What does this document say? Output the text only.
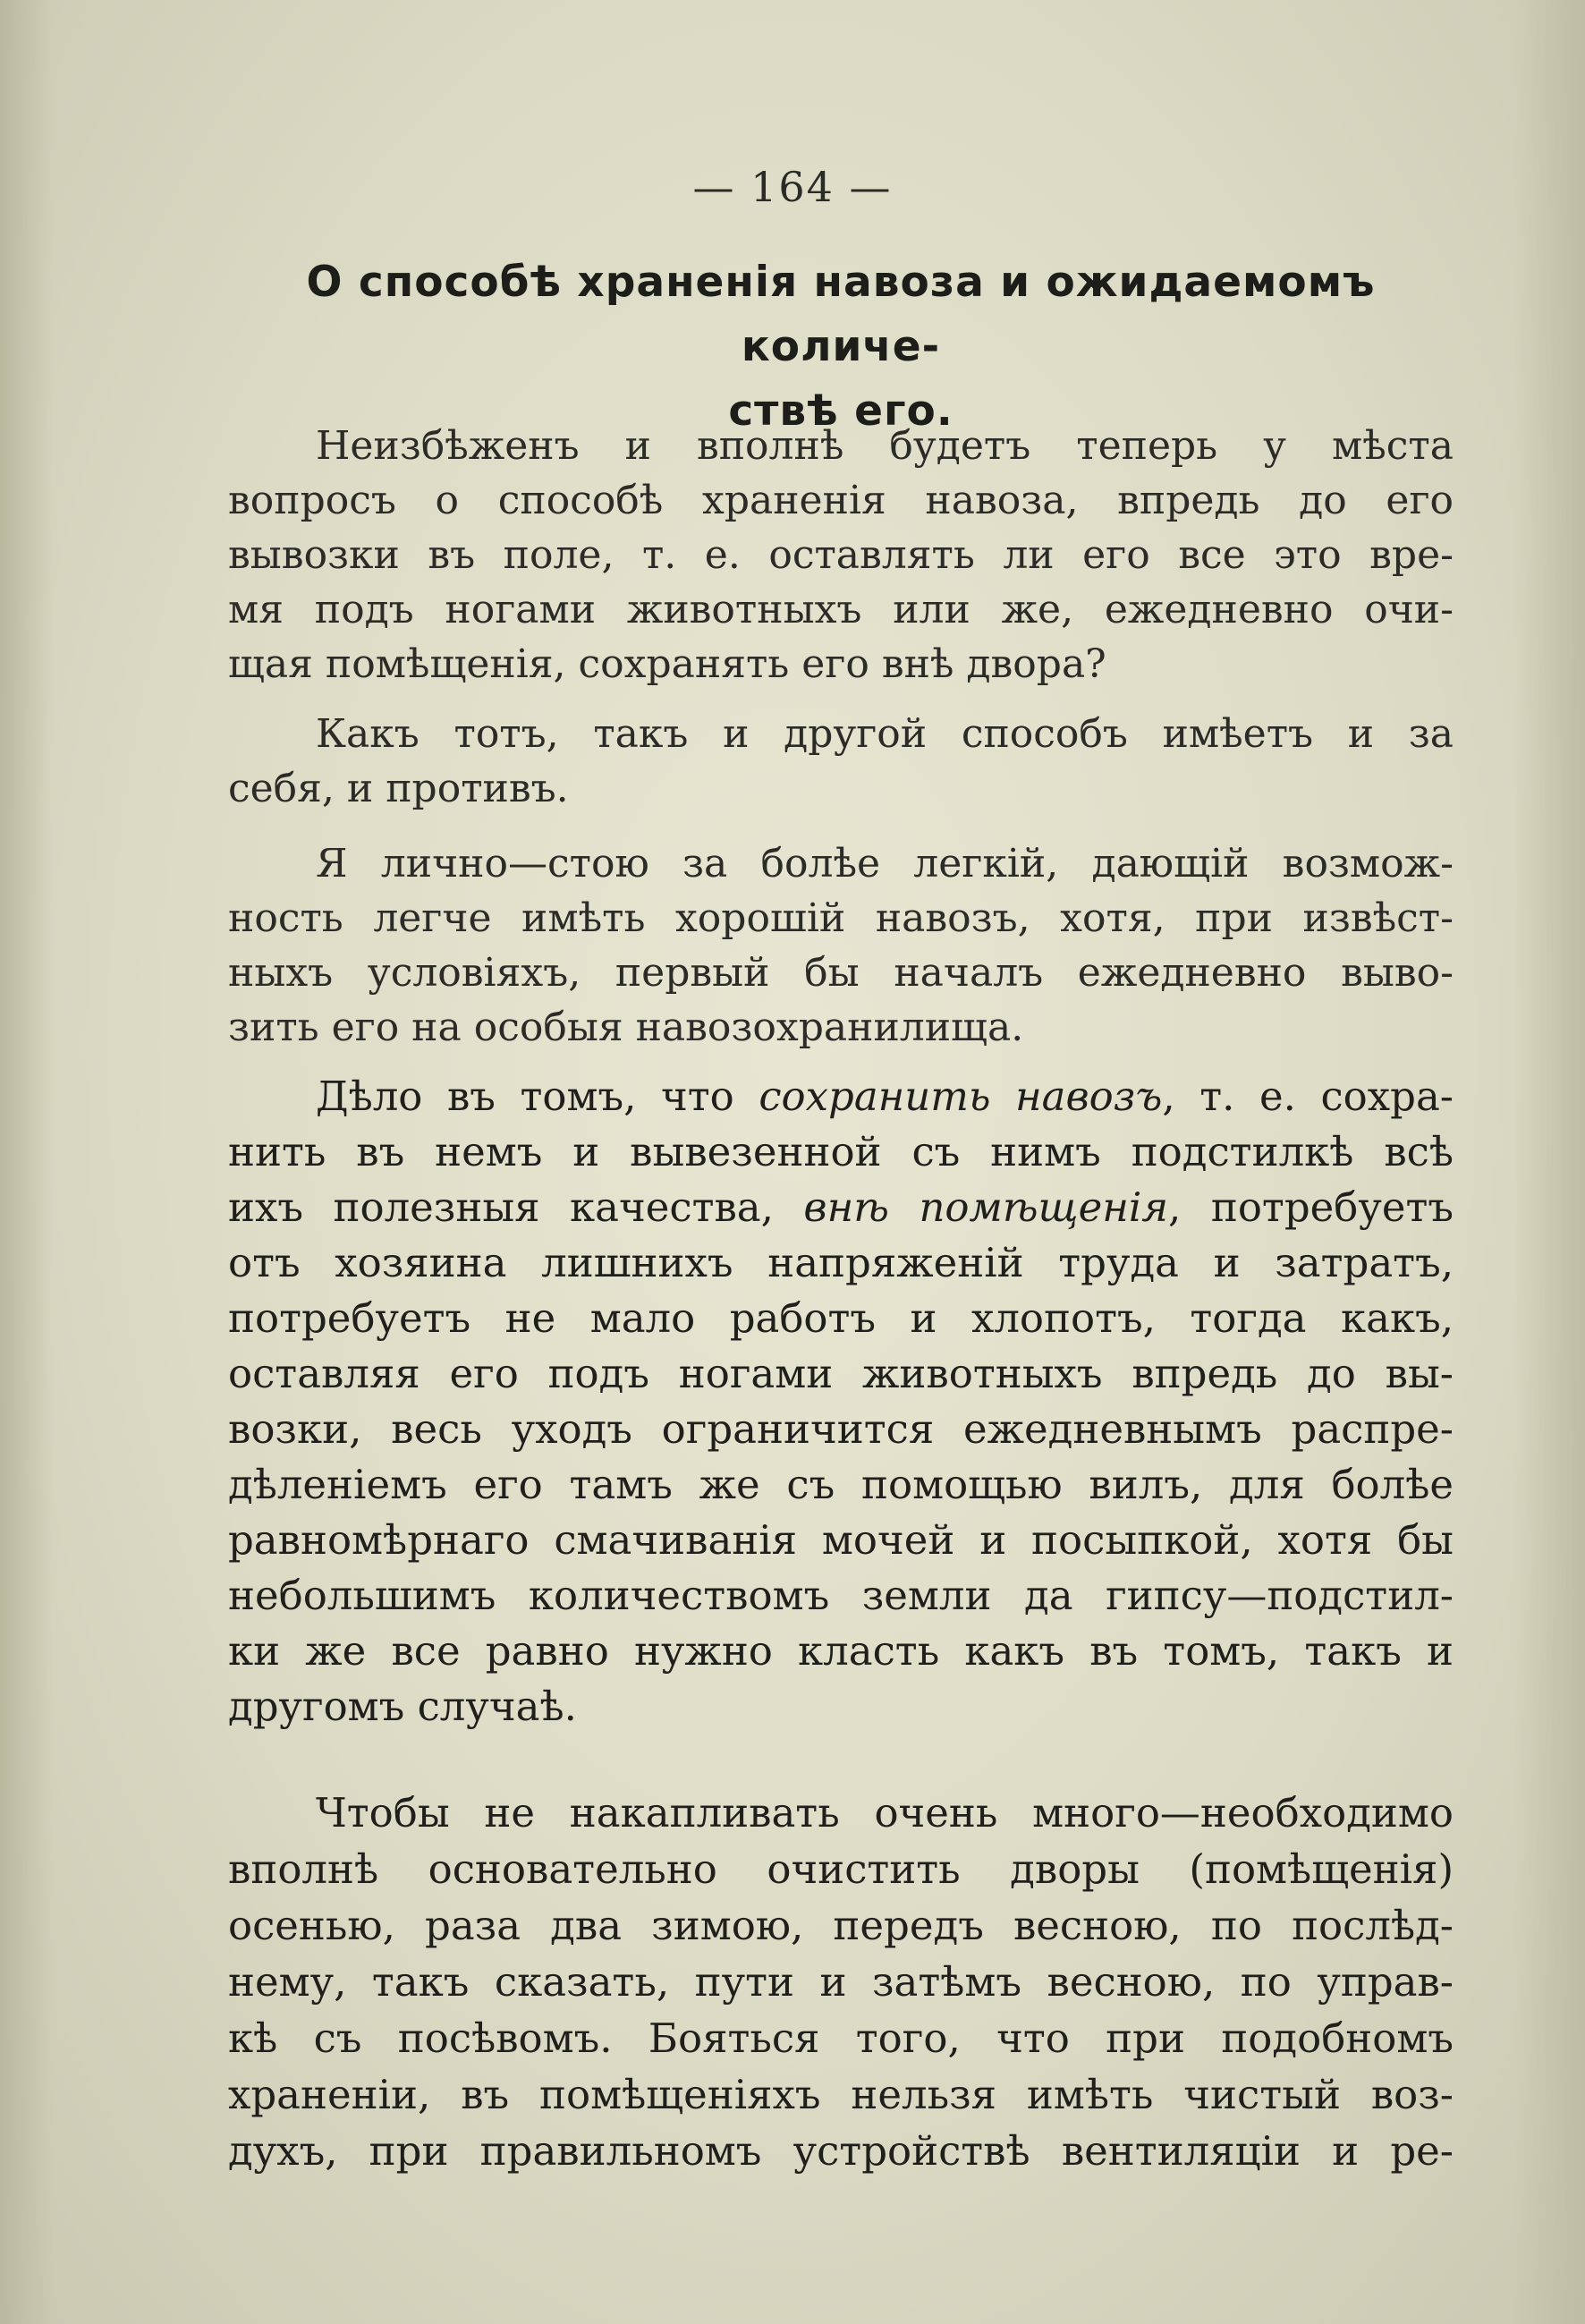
— 164 —
О способѣ храненія навоза и ожидаемомъ количе-
ствѣ его.
Неизбѣженъ и вполнѣ будетъ теперь у мѣста
вопросъ о способѣ храненія навоза, впредь до его
вывозки въ поле, т. е. оставлять ли его все это вре-
мя подъ ногами животныхъ или же, ежедневно очи-
щая помѣщенія, сохранять его внѣ двора?
Какъ тотъ, такъ и другой способъ имѣетъ и за
себя, и противъ.
Я лично—стою за болѣе легкій, дающій возмож-
ность легче имѣть хорошій навозъ, хотя, при извѣст-
ныхъ условіяхъ, первый бы началъ ежедневно выво-
зить его на особыя навозохранилища.
Дѣло въ томъ, что сохранить навозъ, т. е. сохра-
нить въ немъ и вывезенной съ нимъ подстилкѣ всѣ
ихъ полезныя качества, внѣ помѣщенія, потребуетъ
отъ хозяина лишнихъ напряженій труда и затратъ,
потребуетъ не мало работъ и хлопотъ, тогда какъ,
оставляя его подъ ногами животныхъ впредь до вы-
возки, весь уходъ ограничится ежедневнымъ распре-
дѣленіемъ его тамъ же съ помощью вилъ, для болѣе
равномѣрнаго смачиванія мочей и посыпкой, хотя бы
небольшимъ количествомъ земли да гипсу—подстил-
ки же все равно нужно класть какъ въ томъ, такъ и
другомъ случаѣ.
Чтобы не накапливать очень много—необходимо
вполнѣ основательно очистить дворы (помѣщенія)
осенью, раза два зимою, передъ весною, по послѣд-
нему, такъ сказать, пути и затѣмъ весною, по управ-
кѣ съ посѣвомъ. Бояться того, что при подобномъ
храненіи, въ помѣщеніяхъ нельзя имѣть чистый воз-
духъ, при правильномъ устройствѣ вентиляціи и ре-
